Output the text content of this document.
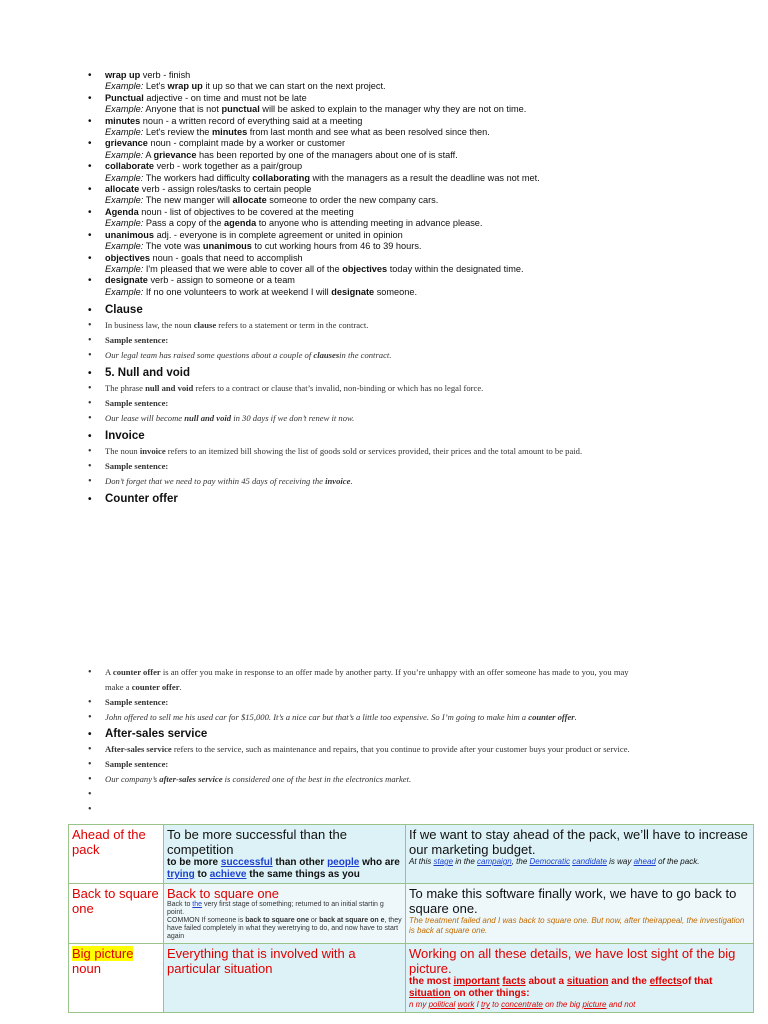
• wrap up verb - finish
Example: Let's wrap up it up so that we can start on the next project.
• Punctual adjective - on time and must not be late
Example: Anyone that is not punctual will be asked to explain to the manager why they are not on time.
• minutes noun - a written record of everything said at a meeting
Example: Let's review the minutes from last month and see what as been resolved since then.
• grievance noun - complaint made by a worker or customer
Example: A grievance has been reported by one of the managers about one of is staff.
• collaborate verb - work together as a pair/group
Example: The workers had difficulty collaborating with the managers as a result the deadline was not met.
• allocate verb - assign roles/tasks to certain people
Example: The new manger will allocate someone to order the new company cars.
• Agenda noun - list of objectives to be covered at the meeting
Example: Pass a copy of the agenda to anyone who is attending meeting in advance please.
• unanimous adj. - everyone is in complete agreement or united in opinion
Example: The vote was unanimous to cut working hours from 46 to 39 hours.
• objectives noun - goals that need to accomplish
Example: I'm pleased that we were able to cover all of the objectives today within the designated time.
• designate verb - assign to someone or a team
Example: If no one volunteers to work at weekend I will designate someone.
• Clause
• In business law, the noun clause refers to a statement or term in the contract.
• Sample sentence:
• Our legal team has raised some questions about a couple of clausesin the contract.
• 5. Null and void
• The phrase null and void refers to a contract or clause that’s invalid, non-binding or which has no legal force.
• Sample sentence:
• Our lease will become null and void in 30 days if we don’t renew it now.
• Invoice
• The noun invoice refers to an itemized bill showing the list of goods sold or services provided, their prices and the total amount to be paid.
• Sample sentence:
• Don’t forget that we need to pay within 45 days of receiving the invoice.
• Counter offer
• A counter offer is an offer you make in response to an offer made by another party. If you’re unhappy with an offer someone has made to you, you may
make a counter offer.
• Sample sentence:
• John offered to sell me his used car for $15,000. It’s a nice car but that’s a little too expensive. So I’m going to make him a counter offer.
• After-sales service
• After-sales service refers to the service, such as maintenance and repairs, that you continue to provide after your customer buys your product or service.
• Sample sentence:
• Our company’s after-sales service is considered one of the best in the electronics market.
•
•
Ahead of the pack	To be more successful than the competition
to be more successful than other people who are trying to achieve the same things as you	If we want to stay ahead of the pack, we’ll have to increase our marketing budget.
At this stage in the campaign, the Democratic candidate is way ahead of the pack.

Back to square one	Back to square one
Back to the very first stage of something; returned to an initial startin g point.
COMMON If someone is back to square one or back at square on e, they have failed completely in what they weretrying to do, and now have to start again	To make this software finally work, we have to go back to square one.
The treatment failed and I was back to square one. But now, after theirappeal, the investigation is back at square one.

Big picture
noun	Everything that is involved with a particular situation	Working on all these details, we have lost sight of the big picture.
the most important facts about a situation and the effectsof that situation on other things:
n my political work I try to concentrate on the big picture and not
